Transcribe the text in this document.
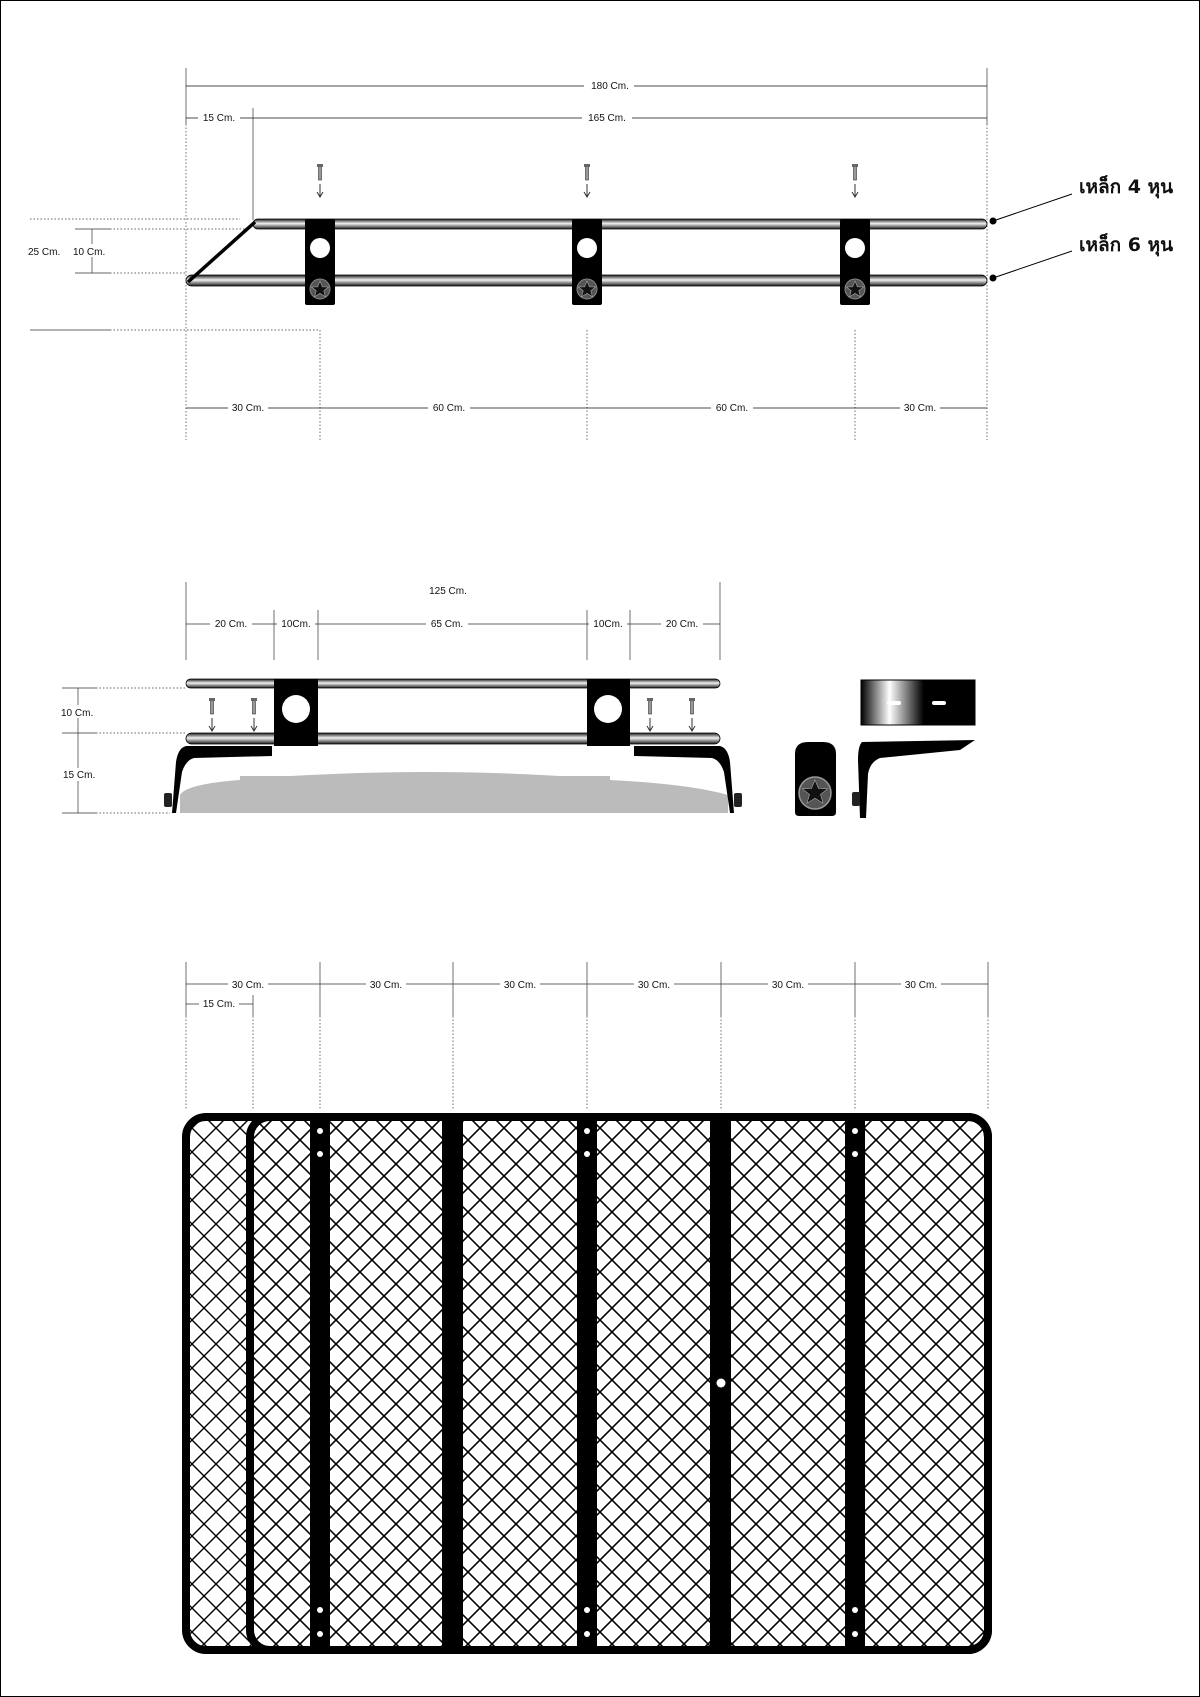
180 Cm.
15 Cm.	165 Cm.
25 Cm. 10 Cm.
เหล็ก 4 หุน
เหล็ก 6 หุน
30 Cm.	60 Cm.	60 Cm.	30 Cm.
125 Cm.
20 Cm.	10Cm.	65 Cm.	10Cm.	20 Cm.
10 Cm.
15 Cm.
30 Cm.	30 Cm.	30 Cm.	30 Cm.	30 Cm.	30 Cm.
15 Cm.
